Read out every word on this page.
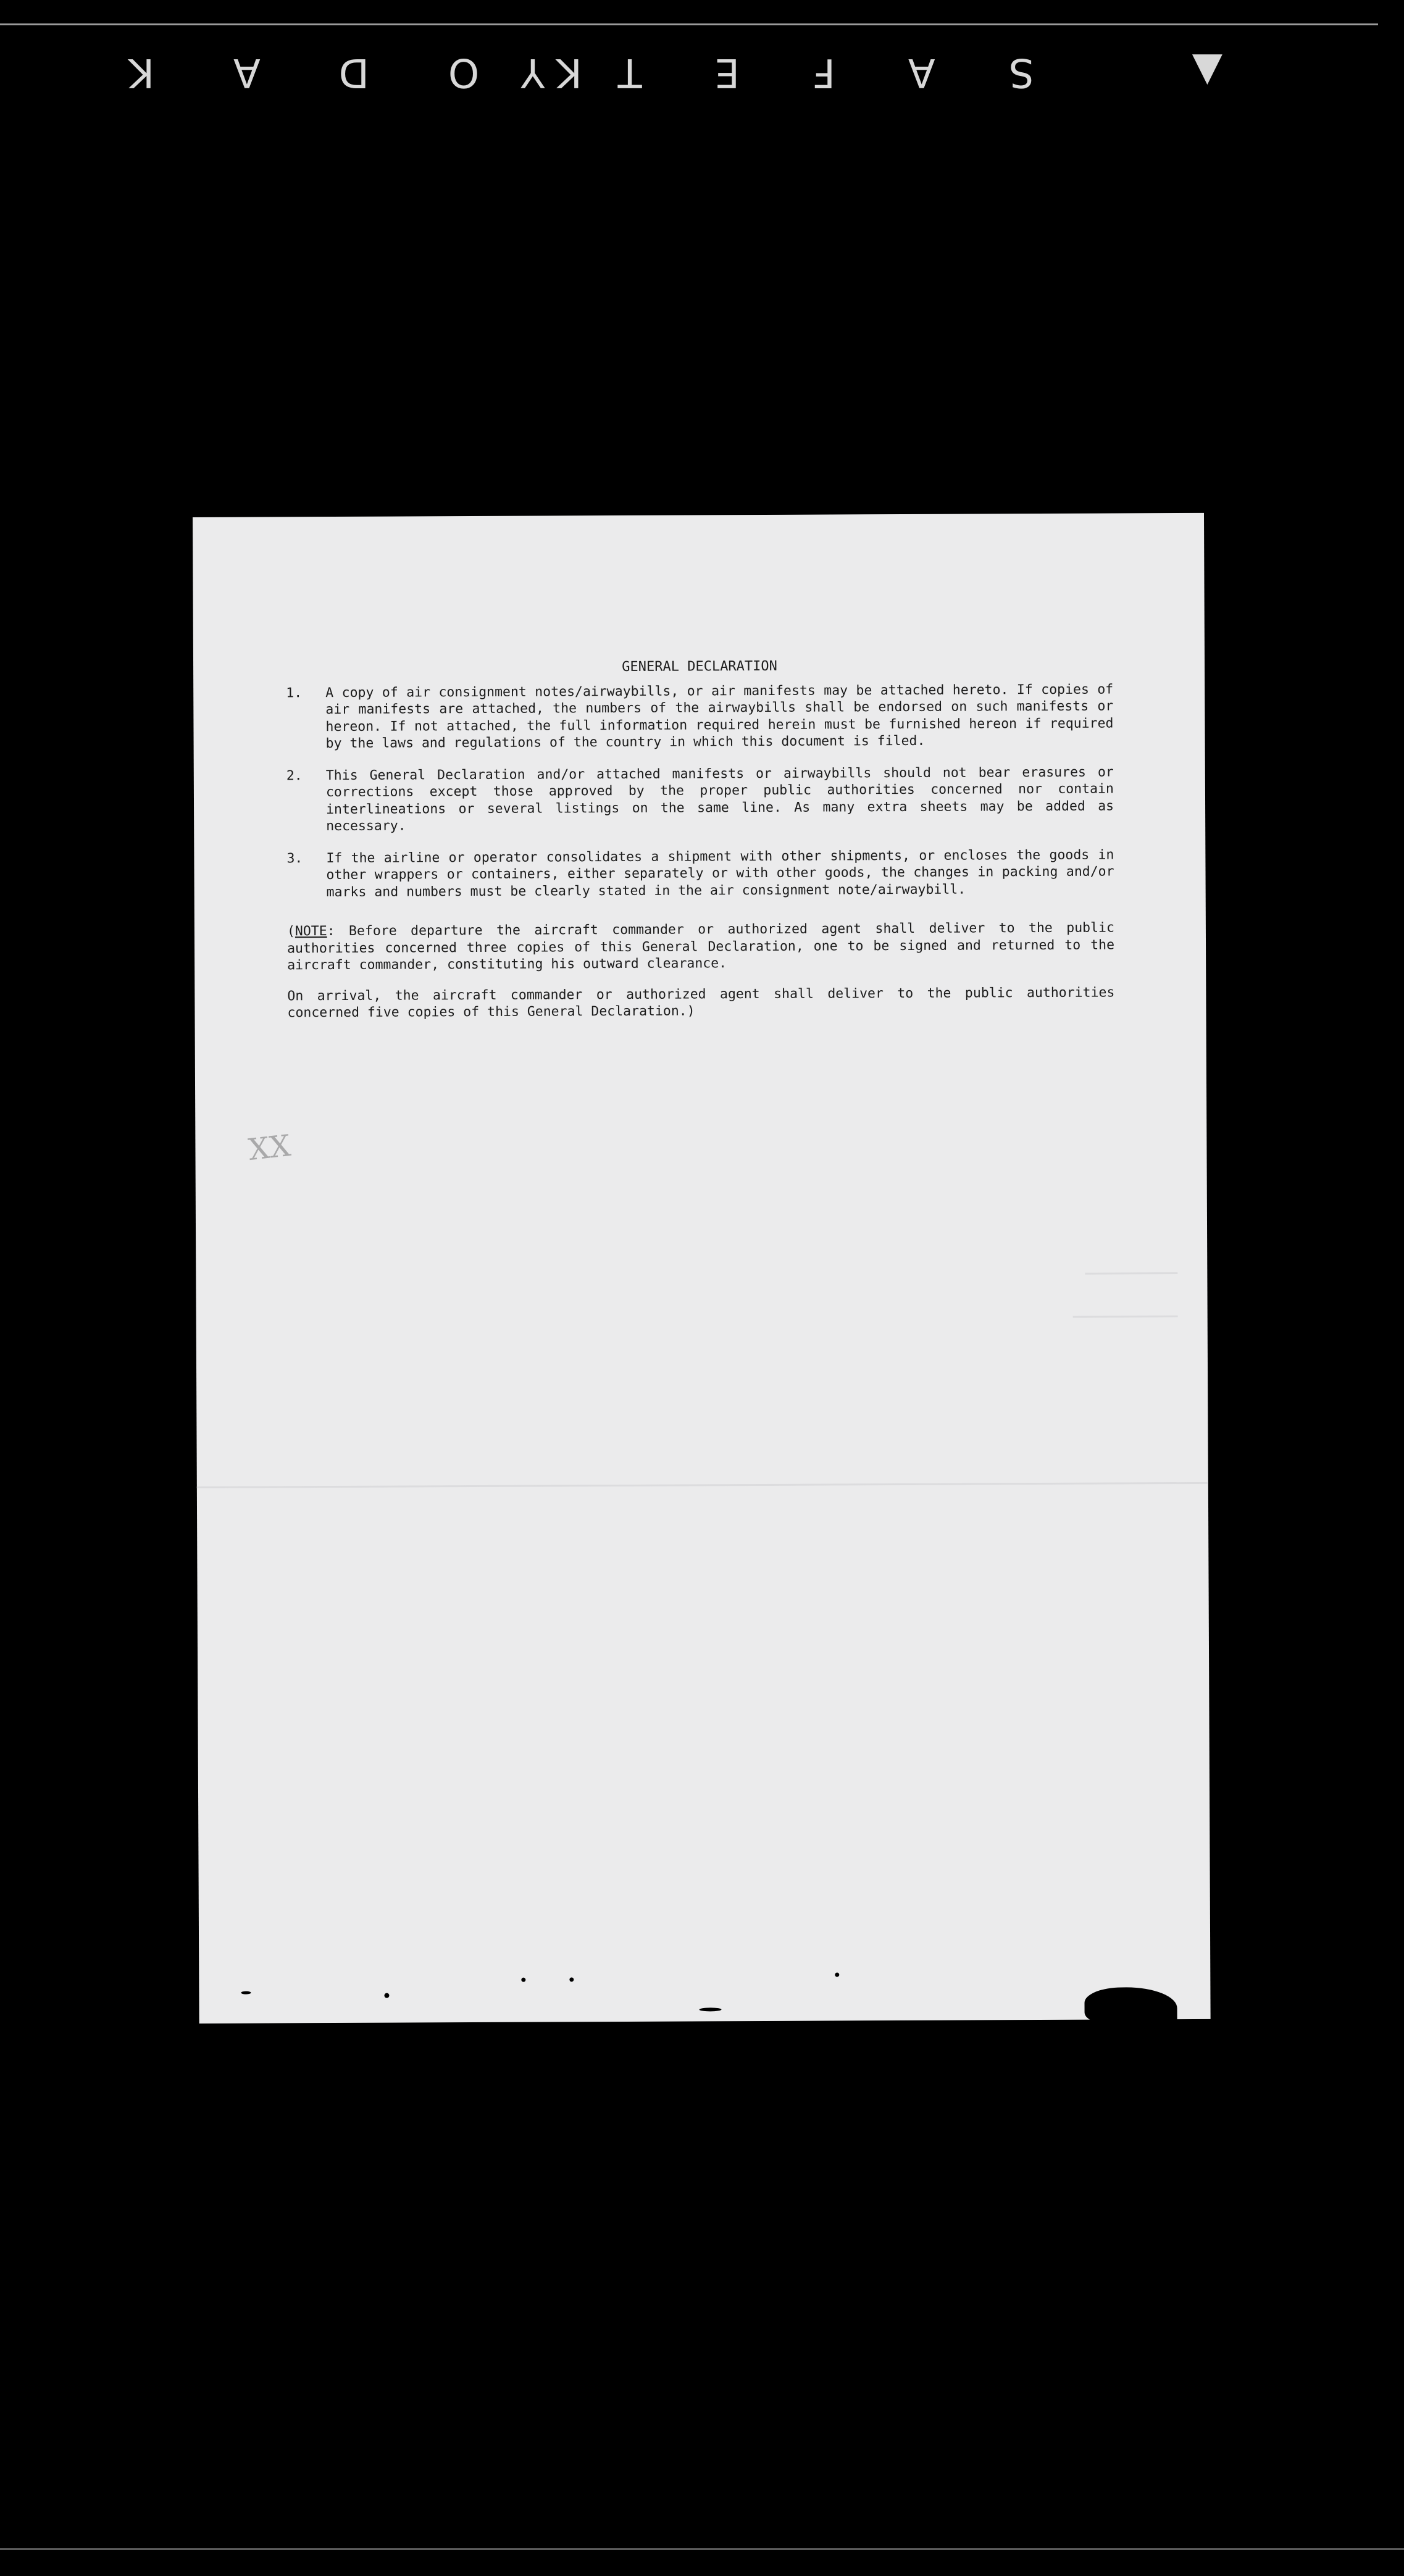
KODAK	▲ SAFETY
GENERAL DECLARATION
1.	A copy of air consignment notes/airwaybills, or air manifests may be attached hereto. If copies of air manifests are attached, the numbers of the airwaybills shall be endorsed on such manifests or hereon. If not attached, the full information required herein must be furnished hereon if required by the laws and regulations of the country in which this document is filed.
2.	This General Declaration and/or attached manifests or airwaybills should not bear erasures or corrections except those approved by the proper public authorities concerned nor contain interlineations or several listings on the same line. As many extra sheets may be added as necessary.
3.	If the airline or operator consolidates a shipment with other shipments, or encloses the goods in other wrappers or containers, either separately or with other goods, the changes in packing and/or marks and numbers must be clearly stated in the air consignment note/airwaybill.
(NOTE: Before departure the aircraft commander or authorized agent shall deliver to the public authorities concerned three copies of this General Declaration, one to be signed and returned to the aircraft commander, constituting his outward clearance.
On arrival, the aircraft commander or authorized agent shall deliver to the public authorities concerned five copies of this General Declaration.)
XX
